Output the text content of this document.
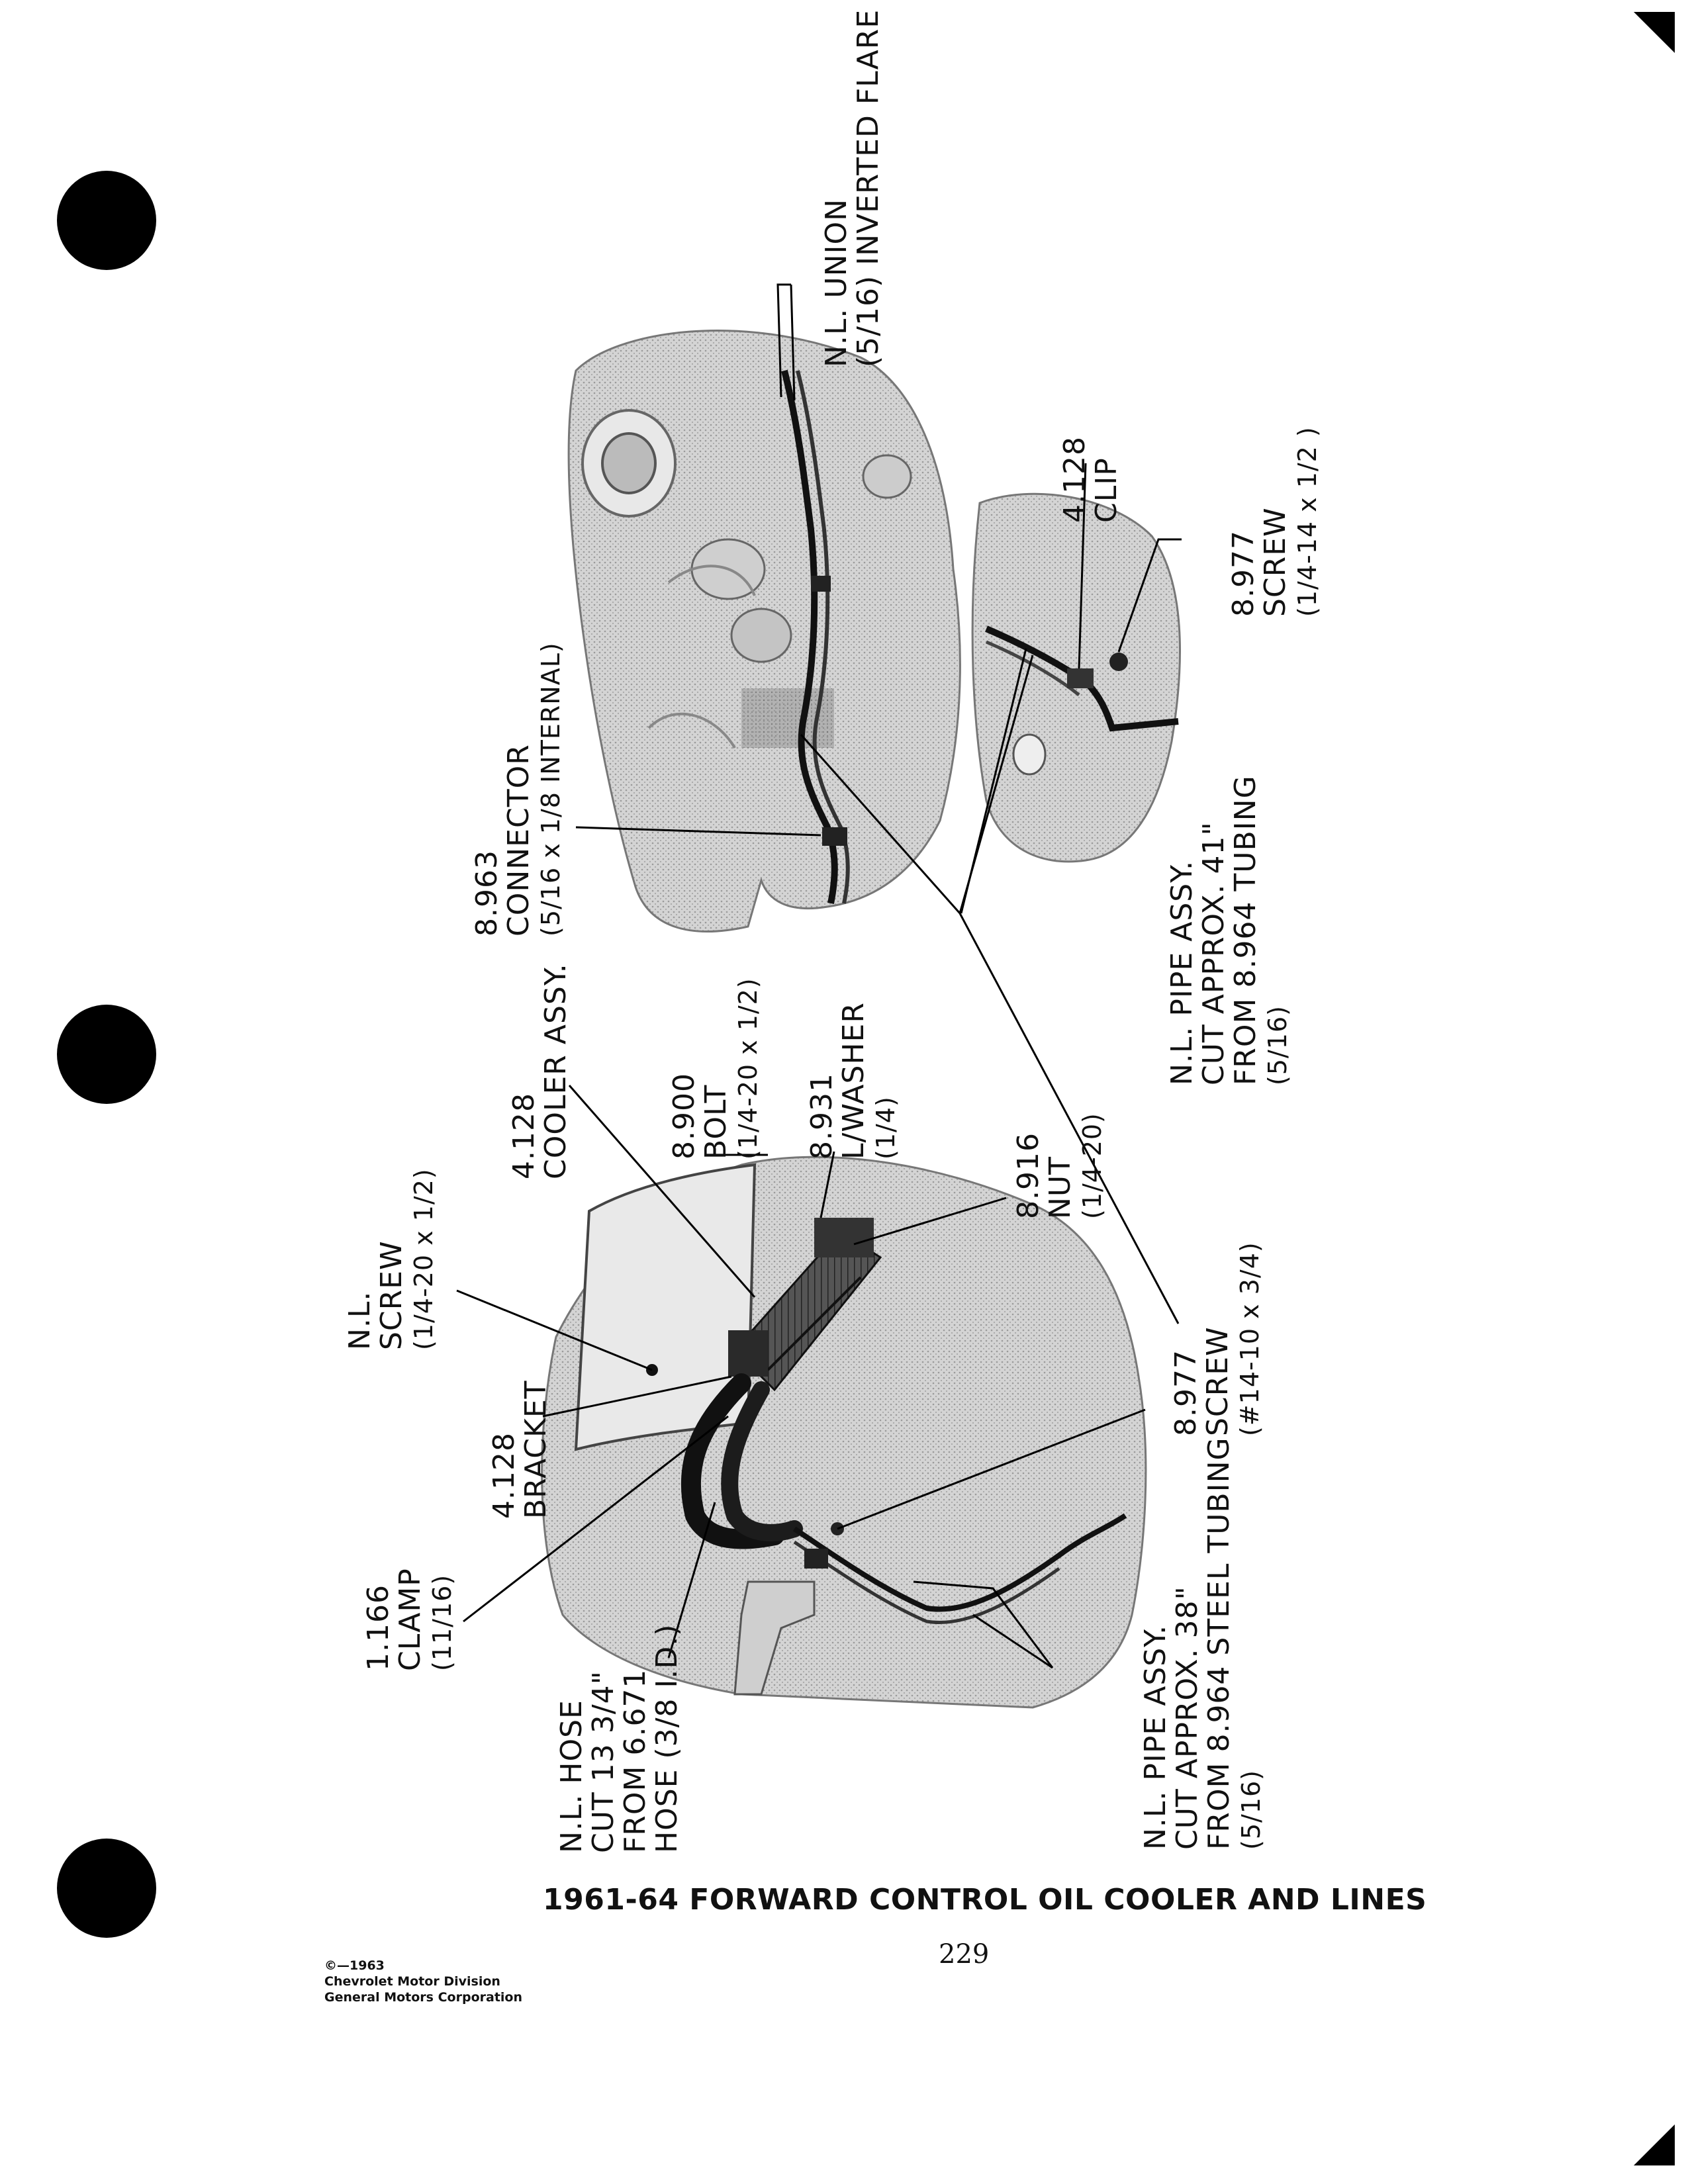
N.L. UNION
(5/16) INVERTED FLARE
8.963
CONNECTOR (5/16 x 1/8 INTERNAL)
4.128
CLIP
8.977
SCREW (1/4-14 x 1/2 )
N.L. PIPE ASSY.
CUT APPROX. 41"
FROM 8.964 TUBING (5/16)
4.128
COOLER ASSY.	8.900
BOLT (1/4-20 x 1/2) 8.931
L/WASHER (1/4)
8.916
NUT (1/4-20)
N.L.
SCREW (1/4-20 x 1/2)
4.128
BRACKET	8.977
SCREW (#14-10 x 3/4)
1.166
CLAMP (11/16)
N.L. HOSE
CUT 13 3/4"
FROM 6.671
HOSE (3/8 I.D.)	N.L. PIPE ASSY.
CUT APPROX. 38"
FROM 8.964 STEEL TUBING (5/16)
1961-64 FORWARD CONTROL OIL COOLER AND LINES
229
©—1963
Chevrolet Motor Division
General Motors Corporation
